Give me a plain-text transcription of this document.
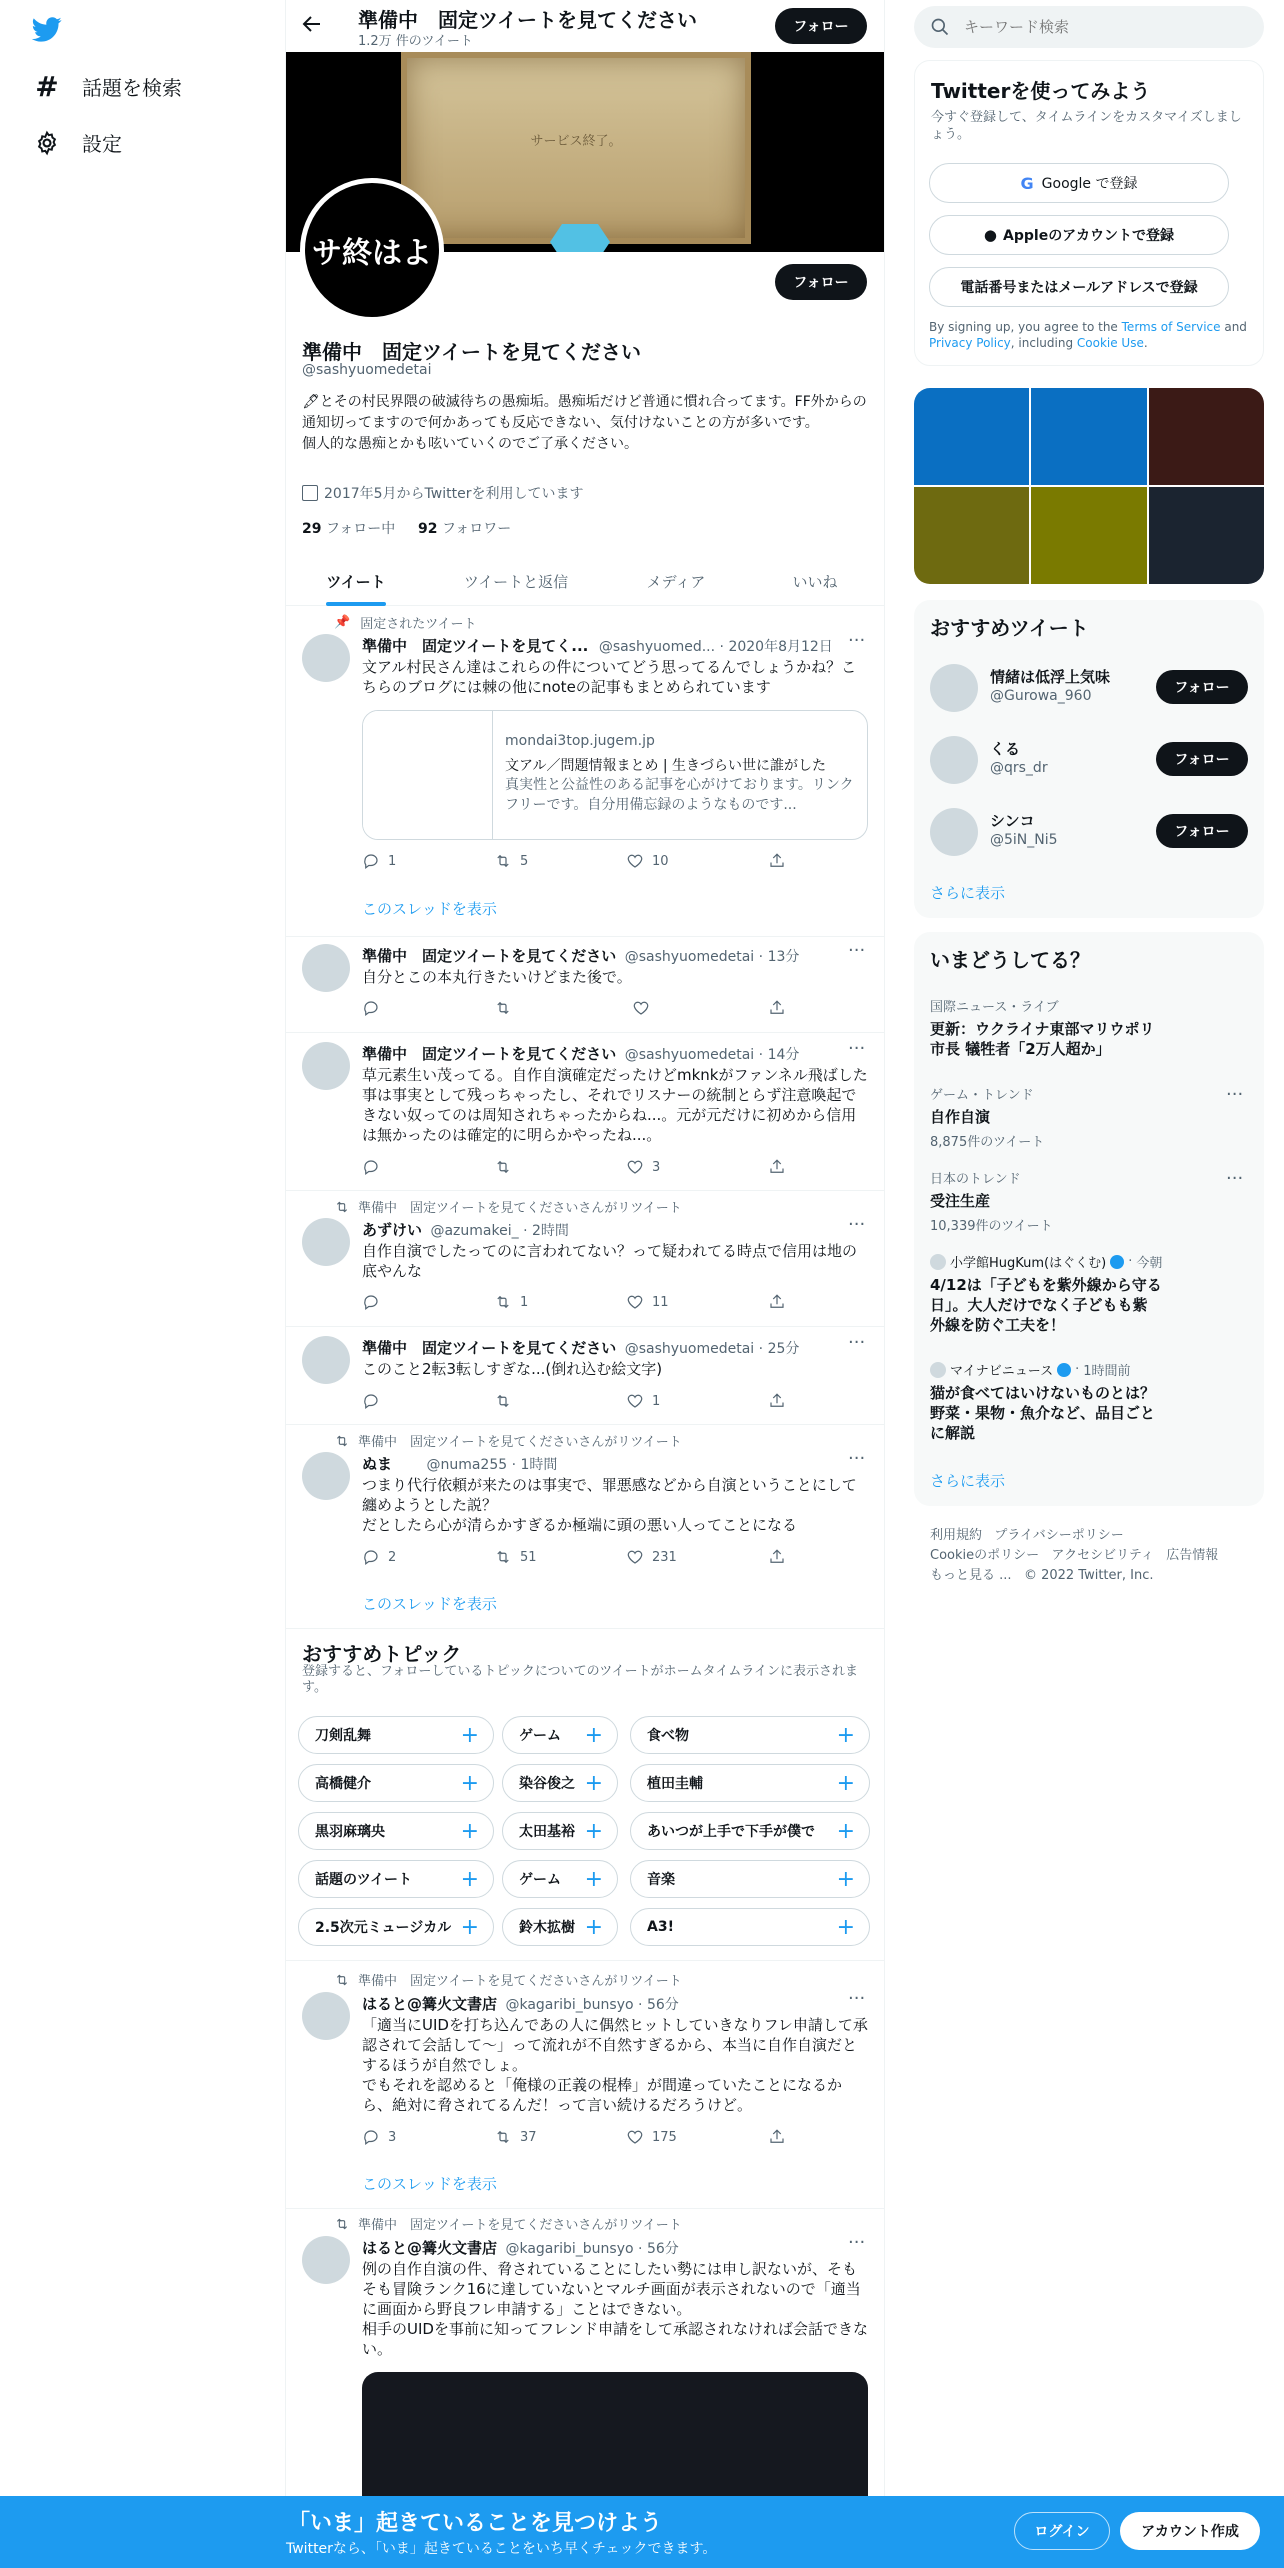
# 話題を検索
設定
準備中　固定ツイートを見てください
1.2万 件のツイート
フォロー
サービス終了。
サ終はよ
フォロー
準備中　固定ツイートを見てください
@sashyuomedetai
🖋とその村民界隈の破滅待ちの愚痴垢。愚痴垢だけど普通に慣れ合ってます。FF外からの通知切ってますので何かあっても反応できない、気付けないことの方が多いです。
個人的な愚痴とかも呟いていくのでご了承ください。
2017年5月からTwitterを利用しています
29 フォロー中 92 フォロワー
ツイート	ツイートと返信	メディア	いいね
📌 固定されたツイート
準備中　固定ツイートを見てく... @sashyuomed... · 2020年8月12日 ···
文アル村民さん達はこれらの件についてどう思ってるんでしょうかね？こちらのブログには棘の他にnoteの記事もまとめられています
mondai3top.jugem.jp
文アル／問題情報まとめ | 生きづらい世に誰がした
真実性と公益性のある記事を心がけております。リンクフリーです。自分用備忘録のようなものです...
1	5	10
このスレッドを表示
準備中　固定ツイートを見てください @sashyuomedetai · 13分	···
自分とこの本丸行きたいけどまた後で。
準備中　固定ツイートを見てください @sashyuomedetai · 14分	···
草元素生い茂ってる。自作自演確定だったけどmknkがファンネル飛ばした事は事実として残っちゃったし、それでリスナーの統制とらず注意喚起できない奴ってのは周知されちゃったからね...。元が元だけに初めから信用は無かったのは確定的に明らかやったね...。
3
準備中　固定ツイートを見てくださいさんがリツイート
あずけい @azumakei_ · 2時間	···
自作自演でしたってのに言われてない？って疑われてる時点で信用は地の底やんな
1	11
準備中　固定ツイートを見てください @sashyuomedetai · 25分	···
このこと2転3転しすぎな...(倒れ込む絵文字)
1
準備中　固定ツイートを見てくださいさんがリツイート
ぬま @numa255 · 1時間	···
つまり代行依頼が来たのは事実で、罪悪感などから自演ということにして纏めようとした説？
だとしたら心が清らかすぎるか極端に頭の悪い人ってことになる
2	51	231
このスレッドを表示
おすすめトピック
登録すると、フォローしているトピックについてのツイートがホームタイムラインに表示されます。
刀剣乱舞	+	ゲーム +	食べ物	+
高橋健介	+	染谷俊之 +	植田圭輔	+
黒羽麻璃央	+	太田基裕 +	あいつが上手で下手が僕で +
話題のツイート +	ゲーム +	音楽	+
2.5次元ミュージカル +	鈴木拡樹 +	A3!	+
準備中　固定ツイートを見てくださいさんがリツイート
はると@篝火文書店 @kagaribi_bunsyo · 56分	···
「適当にUIDを打ち込んであの人に偶然ヒットしていきなりフレ申請して承認されて会話して～」って流れが不自然すぎるから、本当に自作自演だとするほうが自然でしょ。
でもそれを認めると「俺様の正義の棍棒」が間違っていたことになるから、絶対に脅されてるんだ！って言い続けるだろうけど。
3	37	175
このスレッドを表示
準備中　固定ツイートを見てくださいさんがリツイート
はると@篝火文書店 @kagaribi_bunsyo · 56分	···
例の自作自演の件、脅されていることにしたい勢には申し訳ないが、そもそも冒険ランク16に達していないとマルチ画面が表示されないので「適当に画面から野良フレ申請する」ことはできない。
相手のUIDを事前に知ってフレンド申請をして承認されなければ会話できない。
キーワード検索
Twitterを使ってみよう
今すぐ登録して、タイムラインをカスタマイズしましょう。
G Google で登録
● Appleのアカウントで登録
電話番号またはメールアドレスで登録
By signing up, you agree to the Terms of Service and Privacy Policy, including Cookie Use.
おすすめツイート
情緒は低浮上気味
@Gurowa_960	フォロー
くる
@qrs_dr	フォロー
シンコ
@5iN_Ni5	フォロー
さらに表示
いまどうしてる？
国際ニュース・ライブ
更新：ウクライナ東部マリウポリ
市長 犠牲者「2万人超か」
ゲーム・トレンド
自作自演
8,875件のツイート
···
日本のトレンド
受注生産
10,339件のツイート
···
小学館HugKum(はぐくむ) · 今朝
4/12は「子どもを紫外線から守る
日」。大人だけでなく子どもも紫
外線を防ぐ工夫を！
マイナビニュース · 1時間前
猫が食べてはいけないものとは？
野菜・果物・魚介など、品目ごと
に解説
さらに表示
利用規約 プライバシーポリシー
Cookieのポリシー アクセシビリティ 広告情報
もっと見る ... © 2022 Twitter, Inc.
「いま」起きていることを見つけよう
Twitterなら、「いま」起きていることをいち早くチェックできます。
ログイン	アカウント作成
